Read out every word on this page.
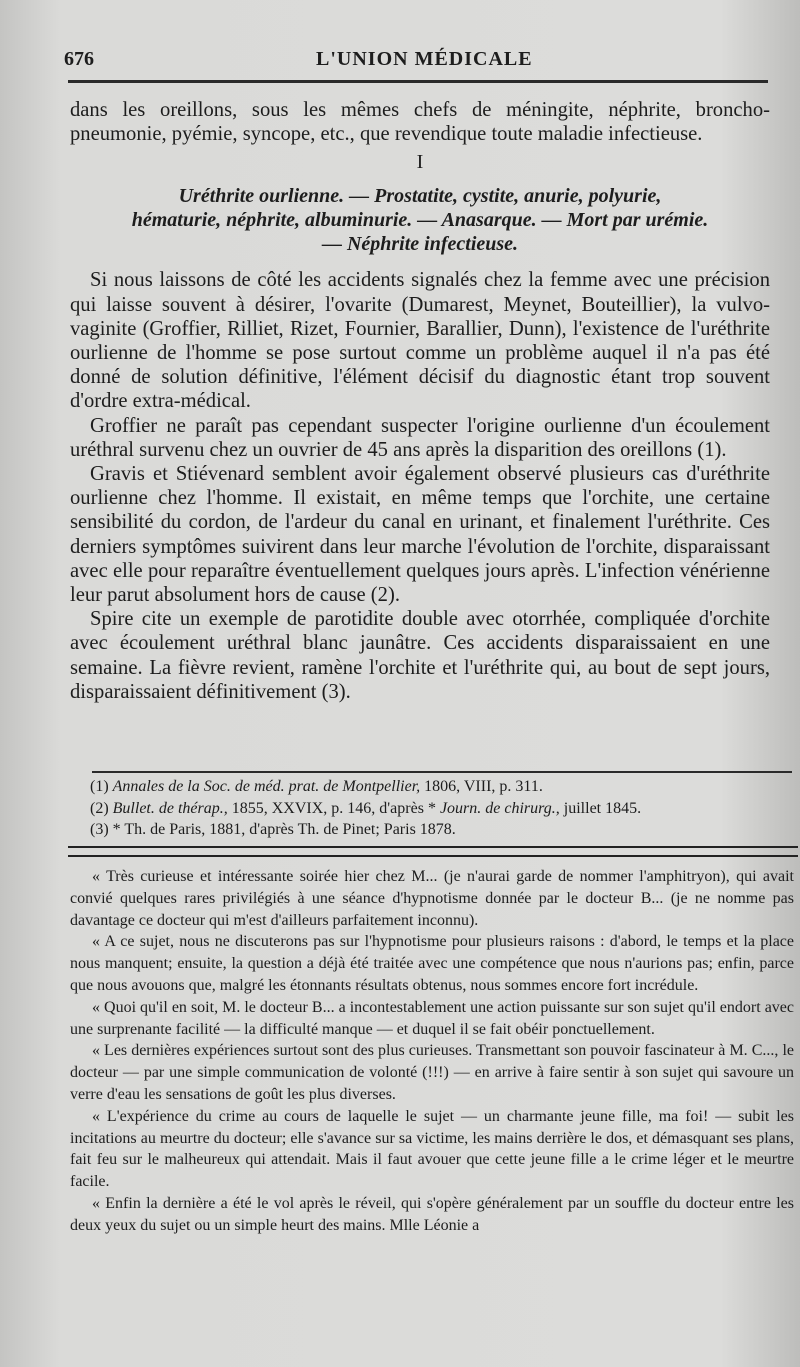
676	L'UNION MÉDICALE

dans les oreillons, sous les mêmes chefs de méningite, néphrite, broncho-pneumonie, pyémie, syncope, etc., que revendique toute maladie infectieuse.

I
Uréthrite ourlienne. — Prostatite, cystite, anurie, polyurie,
hématurie, néphrite, albuminurie. — Anasarque. — Mort par urémie.
— Néphrite infectieuse.

Si nous laissons de côté les accidents signalés chez la femme avec une précision qui laisse souvent à désirer, l'ovarite (Dumarest, Meynet, Bouteillier), la vulvo-vaginite (Groffier, Rilliet, Rizet, Fournier, Barallier, Dunn), l'existence de l'uréthrite ourlienne de l'homme se pose surtout comme un problème auquel il n'a pas été donné de solution définitive, l'élément décisif du diagnostic étant trop souvent d'ordre extra-médical.

Groffier ne paraît pas cependant suspecter l'origine ourlienne d'un écoulement uréthral survenu chez un ouvrier de 45 ans après la disparition des oreillons (1).

Gravis et Stiévenard semblent avoir également observé plusieurs cas d'uréthrite ourlienne chez l'homme. Il existait, en même temps que l'orchite, une certaine sensibilité du cordon, de l'ardeur du canal en urinant, et finalement l'uréthrite. Ces derniers symptômes suivirent dans leur marche l'évolution de l'orchite, disparaissant avec elle pour reparaître éventuellement quelques jours après. L'infection vénérienne leur parut absolument hors de cause (2).

Spire cite un exemple de parotidite double avec otorrhée, compliquée d'orchite avec écoulement uréthral blanc jaunâtre. Ces accidents disparaissaient en une semaine. La fièvre revient, ramène l'orchite et l'uréthrite qui, au bout de sept jours, disparaissaient définitivement (3).

(1) Annales de la Soc. de méd. prat. de Montpellier, 1806, VIII, p. 311.
(2) Bullet. de thérap., 1855, XXVIX, p. 146, d'après * Journ. de chirurg., juillet 1845.
(3) * Th. de Paris, 1881, d'après Th. de Pinet; Paris 1878.

« Très curieuse et intéressante soirée hier chez M... (je n'aurai garde de nommer l'amphitryon), qui avait convié quelques rares privilégiés à une séance d'hypnotisme donnée par le docteur B... (je ne nomme pas davantage ce docteur qui m'est d'ailleurs parfaitement inconnu).

« A ce sujet, nous ne discuterons pas sur l'hypnotisme pour plusieurs raisons : d'abord, le temps et la place nous manquent; ensuite, la question a déjà été traitée avec une compétence que nous n'aurions pas; enfin, parce que nous avouons que, malgré les étonnants résultats obtenus, nous sommes encore fort incrédule.

« Quoi qu'il en soit, M. le docteur B... a incontestablement une action puissante sur son sujet qu'il endort avec une surprenante facilité — la difficulté manque — et duquel il se fait obéir ponctuellement.

« Les dernières expériences surtout sont des plus curieuses. Transmettant son pouvoir fascinateur à M. C..., le docteur — par une simple communication de volonté (!!!) — en arrive à faire sentir à son sujet qui savoure un verre d'eau les sensations de goût les plus diverses.

« L'expérience du crime au cours de laquelle le sujet — un charmante jeune fille, ma foi! — subit les incitations au meurtre du docteur; elle s'avance sur sa victime, les mains derrière le dos, et démasquant ses plans, fait feu sur le malheureux qui attendait. Mais il faut avouer que cette jeune fille a le crime léger et le meurtre facile.

« Enfin la dernière a été le vol après le réveil, qui s'opère généralement par un souffle du docteur entre les deux yeux du sujet ou un simple heurt des mains. Mlle Léonie a
